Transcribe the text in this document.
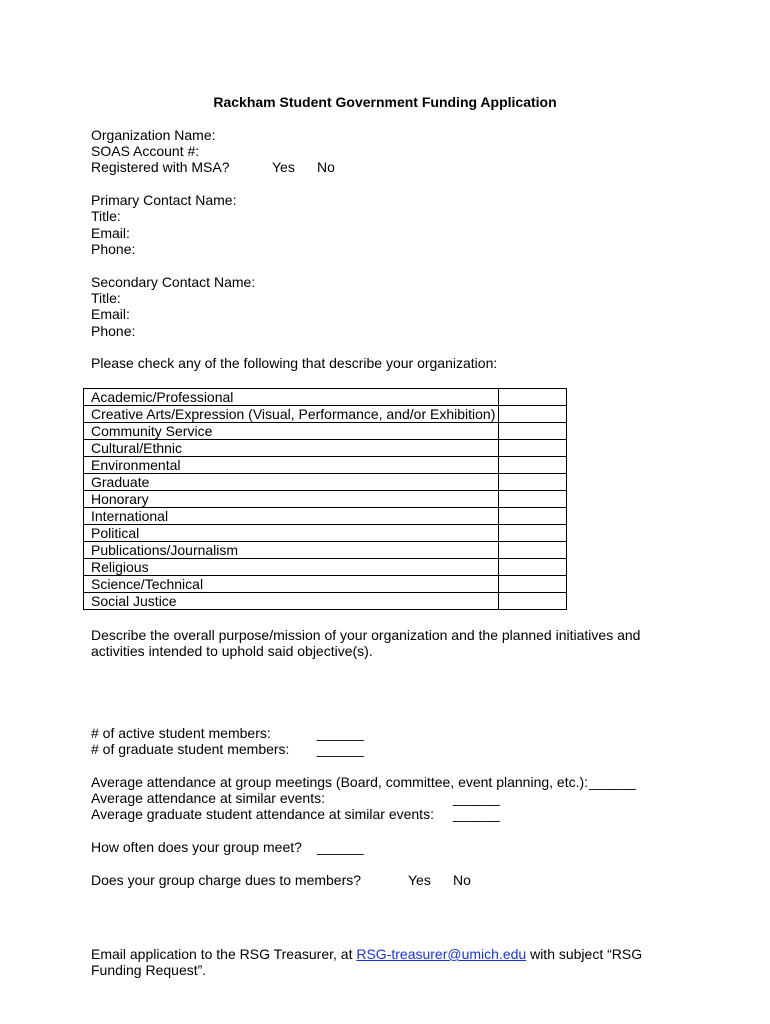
Rackham Student Government Funding Application
Organization Name:
SOAS Account #:
Registered with MSA?	Yes No
Primary Contact Name:
Title:
Email:
Phone:
Secondary Contact Name:
Title:
Email:
Phone:
Please check any of the following that describe your organization:
Academic/Professional	
Creative Arts/Expression (Visual, Performance, and/or Exhibition)	
Community Service	
Cultural/Ethnic	
Environmental	
Graduate	
Honorary	
International	
Political	
Publications/Journalism	
Religious	
Science/Technical	
Social Justice	
Describe the overall purpose/mission of your organization and the planned initiatives and
activities intended to uphold said objective(s).
# of active student members:	______
# of graduate student members: ______
Average attendance at group meetings (Board, committee, event planning, etc.): ______
Average attendance at similar events:	______
Average graduate student attendance at similar events: ______
How often does your group meet? ______
Does your group charge dues to members?	Yes No
Email application to the RSG Treasurer, at RSG-treasurer@umich.edu with subject “RSG
Funding Request”.
